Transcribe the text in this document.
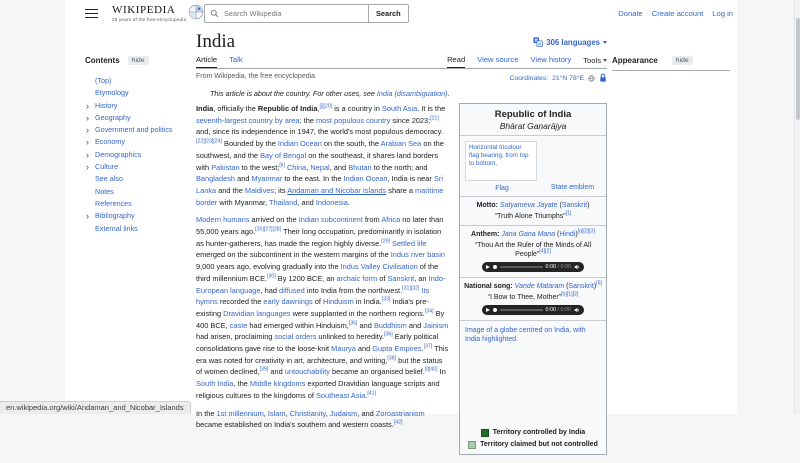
WIKIPEDIA
25 years of the free encyclopedia
Search Wikipedia
Search	Donate Create account Log in
Contents	hide
(Top)
Etymology
› History
› Geography
› Government and politics
› Economy
› Demographics
› Culture
See also
Notes
References
› Bibliography
External links
India	A 306 languages
Article Talk	Read View source View history Tools
From Wikipedia, the free encyclopedia	Coordinates: 21°N 78°E
This article is about the country. For other uses, see India (disambiguation).
Republic of India
Bhārat Gaṇarājya
Horizontal tricolour flag bearing, from top to bottom,
Flag	State emblem
Motto: Satyameva Jayate (Sanskrit)
“Truth Alone Triumphs”[1]
Anthem: Jana Gana Mana (Hindi)[a][2][3]
“Thou Art the Ruler of the Minds of All People”[4][2]
0:00 / 0:00
National song: Vande Mataram (Sanskrit)[5]
“I Bow to Thee, Mother”[b][1][2]
0:00 / 0:00
Image of a globe centred on India, with India highlighted.
Territory controlled by India
Territory claimed but not controlled

India, officially the Republic of India,[j][20] is a country in South Asia. It is the seventh-largest country by area; the most populous country since 2023;[21] and, since its independence in 1947, the world's most populous democracy.[22][23][24] Bounded by the Indian Ocean on the south, the Arabian Sea on the southwest, and the Bay of Bengal on the southeast, it shares land borders with Pakistan to the west;[k] China, Nepal, and Bhutan to the north; and Bangladesh and Myanmar to the east. In the Indian Ocean, India is near Sri Lanka and the Maldives; its Andaman and Nicobar Islands share a maritime border with Myanmar, Thailand, and Indonesia.

Modern humans arrived on the Indian subcontinent from Africa no later than 55,000 years ago.[26][27][28] Their long occupation, predominantly in isolation as hunter-gatherers, has made the region highly diverse.[29] Settled life emerged on the subcontinent in the western margins of the Indus river basin 9,000 years ago, evolving gradually into the Indus Valley Civilisation of the third millennium BCE.[30] By 1200 BCE, an archaic form of Sanskrit, an Indo-European language, had diffused into India from the northwest.[31][32] Its hymns recorded the early dawnings of Hinduism in India.[33] India's pre-existing Dravidian languages were supplanted in the northern regions.[34] By 400 BCE, caste had emerged within Hinduism,[35] and Buddhism and Jainism had arisen, proclaiming social orders unlinked to heredity.[36] Early political consolidations gave rise to the loose-knit Maurya and Gupta Empires.[37] This era was noted for creativity in art, architecture, and writing,[38] but the status of women declined,[39] and untouchability became an organised belief.[l][40] In South India, the Middle kingdoms exported Dravidian language scripts and religious cultures to the kingdoms of Southeast Asia.[41]

In the 1st millennium, Islam, Christianity, Judaism, and Zoroastrianism became established on India's southern and western coasts.[42]

Appearance	hide
en.wikipedia.org/wiki/Andaman_and_Nicobar_Islands
